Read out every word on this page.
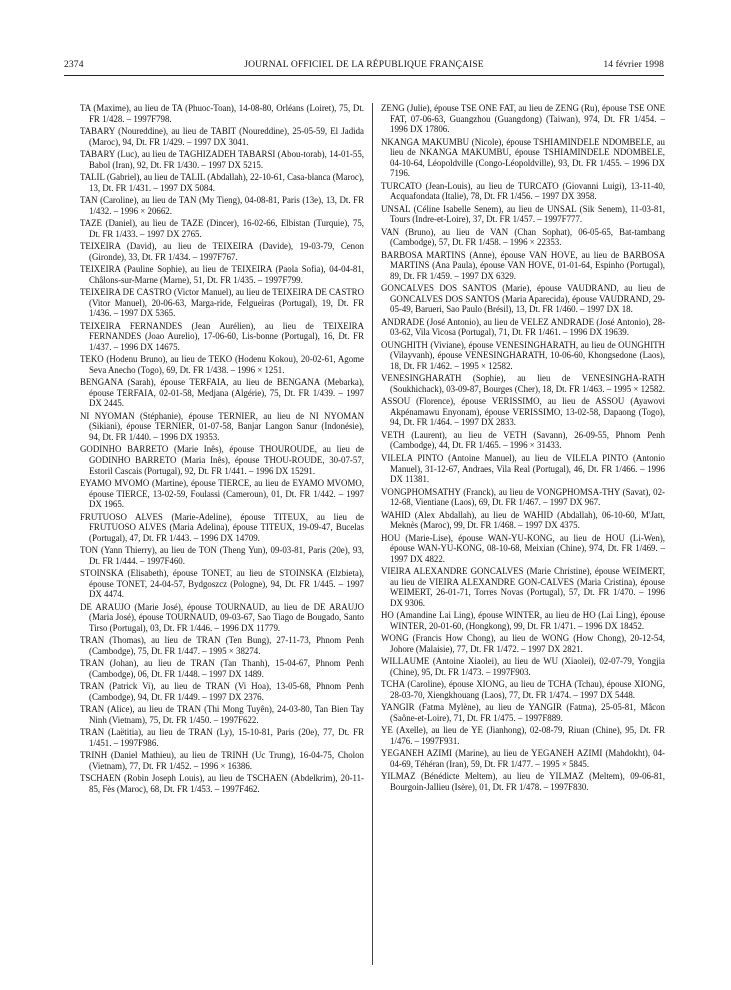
2374	JOURNAL OFFICIEL DE LA RÉPUBLIQUE FRANÇAISE	14 février 1998

TA (Maxime), au lieu de TA (Phuoc-Toan), 14-08-80, Orléans (Loiret), 75, Dt. FR 1/428. – 1997F798.

TABARY (Noureddine), au lieu de TABIT (Noureddine), 25-05-59, El Jadida (Maroc), 94, Dt. FR 1/429. – 1997 DX 3041.

TABARY (Luc), au lieu de TAGHIZADEH TABARSI (Abou-torab), 14-01-55, Babol (Iran), 92, Dt. FR 1/430. – 1997 DX 5215.

TALIL (Gabriel), au lieu de TALIL (Abdallah), 22-10-61, Casa-blanca (Maroc), 13, Dt. FR 1/431. – 1997 DX 5084.

TAN (Caroline), au lieu de TAN (My Tieng), 04-08-81, Paris (13e), 13, Dt. FR 1/432. – 1996 × 20662.

TAZE (Daniel), au lieu de TAZE (Dincer), 16-02-66, Elbistan (Turquie), 75, Dt. FR 1/433. – 1997 DX 2765.

TEIXEIRA (David), au lieu de TEIXEIRA (Davide), 19-03-79, Cenon (Gironde), 33, Dt. FR 1/434. – 1997F767.

TEIXEIRA (Pauline Sophie), au lieu de TEIXEIRA (Paola Sofia), 04-04-81, Châlons-sur-Marne (Marne), 51, Dt. FR 1/435. – 1997F799.

TEIXEIRA DE CASTRO (Victor Manuel), au lieu de TEIXEIRA DE CASTRO (Vitor Manuel), 20-06-63, Marga-ride, Felgueiras (Portugal), 19, Dt. FR 1/436. – 1997 DX 5365.

TEIXEIRA FERNANDES (Jean Aurélien), au lieu de TEIXEIRA FERNANDES (Joao Aurelio), 17-06-60, Lis-bonne (Portugal), 16, Dt. FR 1/437. – 1996 DX 14675.

TEKO (Hodenu Bruno), au lieu de TEKO (Hodenu Kokou), 20-02-61, Agome Seva Anecho (Togo), 69, Dt. FR 1/438. – 1996 × 1251.

BENGANA (Sarah), épouse TERFAIA, au lieu de BENGANA (Mebarka), épouse TERFAIA, 02-01-58, Medjana (Algérie), 75, Dt. FR 1/439. – 1997 DX 2445.

NI NYOMAN (Stéphanie), épouse TERNIER, au lieu de NI NYOMAN (Sikiani), épouse TERNIER, 01-07-58, Banjar Langon Sanur (Indonésie), 94, Dt. FR 1/440. – 1996 DX 19353.

GODINHO BARRETO (Marie Inês), épouse THOUROUDE, au lieu de GODINHO BARRETO (Maria Inês), épouse THOU-ROUDE, 30-07-57, Estoril Cascais (Portugal), 92, Dt. FR 1/441. – 1996 DX 15291.

EYAMO MVOMO (Martine), épouse TIERCE, au lieu de EYAMO MVOMO, épouse TIERCE, 13-02-59, Foulassi (Cameroun), 01, Dt. FR 1/442. – 1997 DX 1965.

FRUTUOSO ALVES (Marie-Adeline), épouse TITEUX, au lieu de FRUTUOSO ALVES (Maria Adelina), épouse TITEUX, 19-09-47, Bucelas (Portugal), 47, Dt. FR 1/443. – 1996 DX 14709.

TON (Yann Thierry), au lieu de TON (Theng Yun), 09-03-81, Paris (20e), 93, Dt. FR 1/444. – 1997F460.

STOINSKA (Elisabeth), épouse TONET, au lieu de STOINSKA (Elzbieta), épouse TONET, 24-04-57, Bydgoszcz (Pologne), 94, Dt. FR 1/445. – 1997 DX 4474.

DE ARAUJO (Marie José), épouse TOURNAUD, au lieu de DE ARAUJO (Maria José), épouse TOURNAUD, 09-03-67, Sao Tiago de Bougado, Santo Tirso (Portugal), 03, Dt. FR 1/446. – 1996 DX 11779.

TRAN (Thomas), au lieu de TRAN (Ten Bung), 27-11-73, Phnom Penh (Cambodge), 75, Dt. FR 1/447. – 1995 × 38274.

TRAN (Johan), au lieu de TRAN (Tan Thanh), 15-04-67, Phnom Penh (Cambodge), 06, Dt. FR 1/448. – 1997 DX 1489.

TRAN (Patrick Vi), au lieu de TRAN (Vi Hoa), 13-05-68, Phnom Penh (Cambodge), 94, Dt. FR 1/449. – 1997 DX 2376.

TRAN (Alice), au lieu de TRAN (Thi Mong Tuyên), 24-03-80, Tan Bien Tay Ninh (Vietnam), 75, Dt. FR 1/450. – 1997F622.

TRAN (Laëtitia), au lieu de TRAN (Ly), 15-10-81, Paris (20e), 77, Dt. FR 1/451. – 1997F986.

TRINH (Daniel Mathieu), au lieu de TRINH (Uc Trung), 16-04-75, Cholon (Vietnam), 77, Dt. FR 1/452. – 1996 × 16386.

TSCHAEN (Robin Joseph Louis), au lieu de TSCHAEN (Abdelkrim), 20-11-85, Fès (Maroc), 68, Dt. FR 1/453. – 1997F462.

ZENG (Julie), épouse TSE ONE FAT, au lieu de ZENG (Ru), épouse TSE ONE FAT, 07-06-63, Guangzhou (Guangdong) (Taiwan), 974, Dt. FR 1/454. – 1996 DX 17806.

NKANGA MAKUMBU (Nicole), épouse TSHIAMINDELE NDOMBELE, au lieu de NKANGA MAKUMBU, épouse TSHIAMINDELE NDOMBELE, 04-10-64, Léopoldville (Congo-Léopoldville), 93, Dt. FR 1/455. – 1996 DX 7196.

TURCATO (Jean-Louis), au lieu de TURCATO (Giovanni Luigi), 13-11-40, Acquafondata (Italie), 78, Dt. FR 1/456. – 1997 DX 3958.

UNSAL (Céline Isabelle Senem), au lieu de UNSAL (Sik Senem), 11-03-81, Tours (Indre-et-Loire), 37, Dt. FR 1/457. – 1997F777.

VAN (Bruno), au lieu de VAN (Chan Sophat), 06-05-65, Bat-tambang (Cambodge), 57, Dt. FR 1/458. – 1996 × 22353.

BARBOSA MARTINS (Anne), épouse VAN HOVE, au lieu de BARBOSA MARTINS (Ana Paula), épouse VAN HOVE, 01-01-64, Espinho (Portugal), 89, Dt. FR 1/459. – 1997 DX 6329.

GONCALVES DOS SANTOS (Marie), épouse VAUDRAND, au lieu de GONCALVES DOS SANTOS (Maria Aparecida), épouse VAUDRAND, 29-05-49, Barueri, Sao Paulo (Brésil), 13, Dt. FR 1/460. – 1997 DX 18.

ANDRADE (José Antonio), au lieu de VELEZ ANDRADE (José Antonio), 28-03-62, Vila Vicosa (Portugal), 71, Dt. FR 1/461. – 1996 DX 19639.

OUNGHITH (Viviane), épouse VENESINGHARATH, au lieu de OUNGHITH (Vilayvanh), épouse VENESINGHARATH, 10-06-60, Khongsedone (Laos), 18, Dt. FR 1/462. – 1995 × 12582.

VENESINGHARATH (Sophie), au lieu de VENESINGHA-RATH (Soukhichack), 03-09-87, Bourges (Cher), 18, Dt. FR 1/463. – 1995 × 12582.

ASSOU (Florence), épouse VERISSIMO, au lieu de ASSOU (Ayawovi Akpénamawu Enyonam), épouse VERISSIMO, 13-02-58, Dapaong (Togo), 94, Dt. FR 1/464. – 1997 DX 2833.

VETH (Laurent), au lieu de VETH (Savann), 26-09-55, Phnom Penh (Cambodge), 44, Dt. FR 1/465. – 1996 × 31433.

VILELA PINTO (Antoine Manuel), au lieu de VILELA PINTO (Antonio Manuel), 31-12-67, Andraes, Vila Real (Portugal), 46, Dt. FR 1/466. – 1996 DX 11381.

VONGPHOMSATHY (Franck), au lieu de VONGPHOMSA-THY (Savat), 02-12-68, Vientiane (Laos), 69, Dt. FR 1/467. – 1997 DX 967.

WAHID (Alex Abdallah), au lieu de WAHID (Abdallah), 06-10-60, M'Jatt, Meknès (Maroc), 99, Dt. FR 1/468. – 1997 DX 4375.

HOU (Marie-Lise), épouse WAN-YU-KONG, au lieu de HOU (Li-Wen), épouse WAN-YU-KONG, 08-10-68, Meixian (Chine), 974, Dt. FR 1/469. – 1997 DX 4822.

VIEIRA ALEXANDRE GONCALVES (Marie Christine), épouse WEIMERT, au lieu de VIEIRA ALEXANDRE GON-CALVES (Maria Cristina), épouse WEIMERT, 26-01-71, Torres Novas (Portugal), 57, Dt. FR 1/470. – 1996 DX 9306.

HO (Amandine Lai Ling), épouse WINTER, au lieu de HO (Lai Ling), épouse WINTER, 20-01-60, (Hongkong), 99, Dt. FR 1/471. – 1996 DX 18452.

WONG (Francis How Chong), au lieu de WONG (How Chong), 20-12-54, Johore (Malaisie), 77, Dt. FR 1/472. – 1997 DX 2821.

WILLAUME (Antoine Xiaolei), au lieu de WU (Xiaolei), 02-07-79, Yongjia (Chine), 95, Dt. FR 1/473. – 1997F903.

TCHA (Caroline), épouse XIONG, au lieu de TCHA (Tchau), épouse XIONG, 28-03-70, Xiengkhouang (Laos), 77, Dt. FR 1/474. – 1997 DX 5448.

YANGIR (Fatma Mylène), au lieu de YANGIR (Fatma), 25-05-81, Mâcon (Saône-et-Loire), 71, Dt. FR 1/475. – 1997F889.

YE (Axelle), au lieu de YE (Jianhong), 02-08-79, Riuan (Chine), 95, Dt. FR 1/476. – 1997F931.

YEGANEH AZIMI (Marine), au lieu de YEGANEH AZIMI (Mahdokht), 04-04-69, Téhéran (Iran), 59, Dt. FR 1/477. – 1995 × 5845.

YILMAZ (Bénédicte Meltem), au lieu de YILMAZ (Meltem), 09-06-81, Bourgoin-Jallieu (Isère), 01, Dt. FR 1/478. – 1997F830.
